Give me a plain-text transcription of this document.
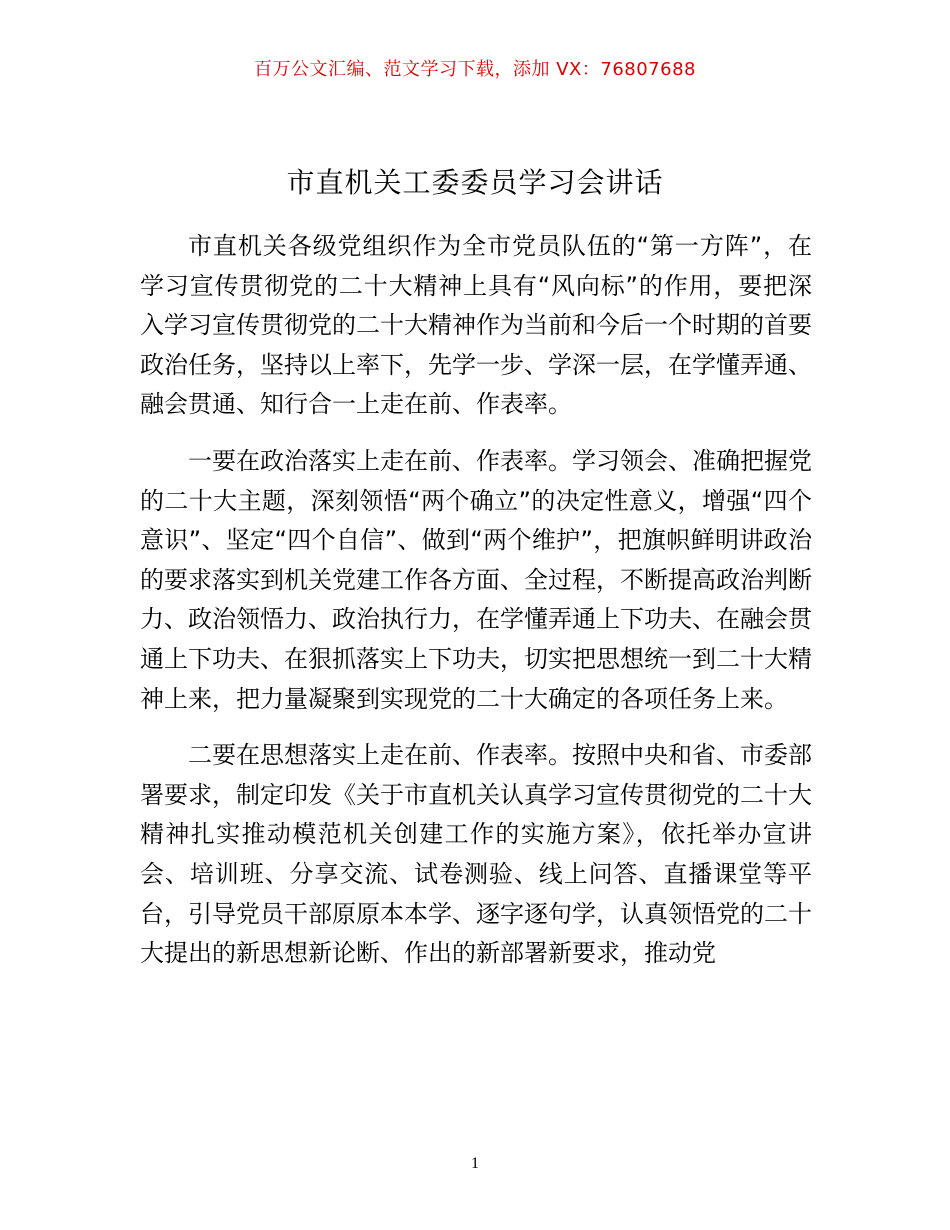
百万公文汇编、范文学习下载，添加 VX：76807688
市直机关工委委员学习会讲话

市直机关各级党组织作为全市党员队伍的“第一方阵”，在学习宣传贯彻党的二十大精神上具有“风向标”的作用，要把深入学习宣传贯彻党的二十大精神作为当前和今后一个时期的首要政治任务，坚持以上率下，先学一步、学深一层，在学懂弄通、融会贯通、知行合一上走在前、作表率。

一要在政治落实上走在前、作表率。学习领会、准确把握党的二十大主题，深刻领悟“两个确立”的决定性意义，增强“四个意识”、坚定“四个自信”、做到“两个维护”，把旗帜鲜明讲政治的要求落实到机关党建工作各方面、全过程，不断提高政治判断力、政治领悟力、政治执行力，在学懂弄通上下功夫、在融会贯通上下功夫、在狠抓落实上下功夫，切实把思想统一到二十大精神上来，把力量凝聚到实现党的二十大确定的各项任务上来。

二要在思想落实上走在前、作表率。按照中央和省、市委部署要求，制定印发《关于市直机关认真学习宣传贯彻党的二十大精神扎实推动模范机关创建工作的实施方案》，依托举办宣讲会、培训班、分享交流、试卷测验、线上问答、直播课堂等平台，引导党员干部原原本本学、逐字逐句学，认真领悟党的二十大提出的新思想新论断、作出的新部署新要求，推动党

1
